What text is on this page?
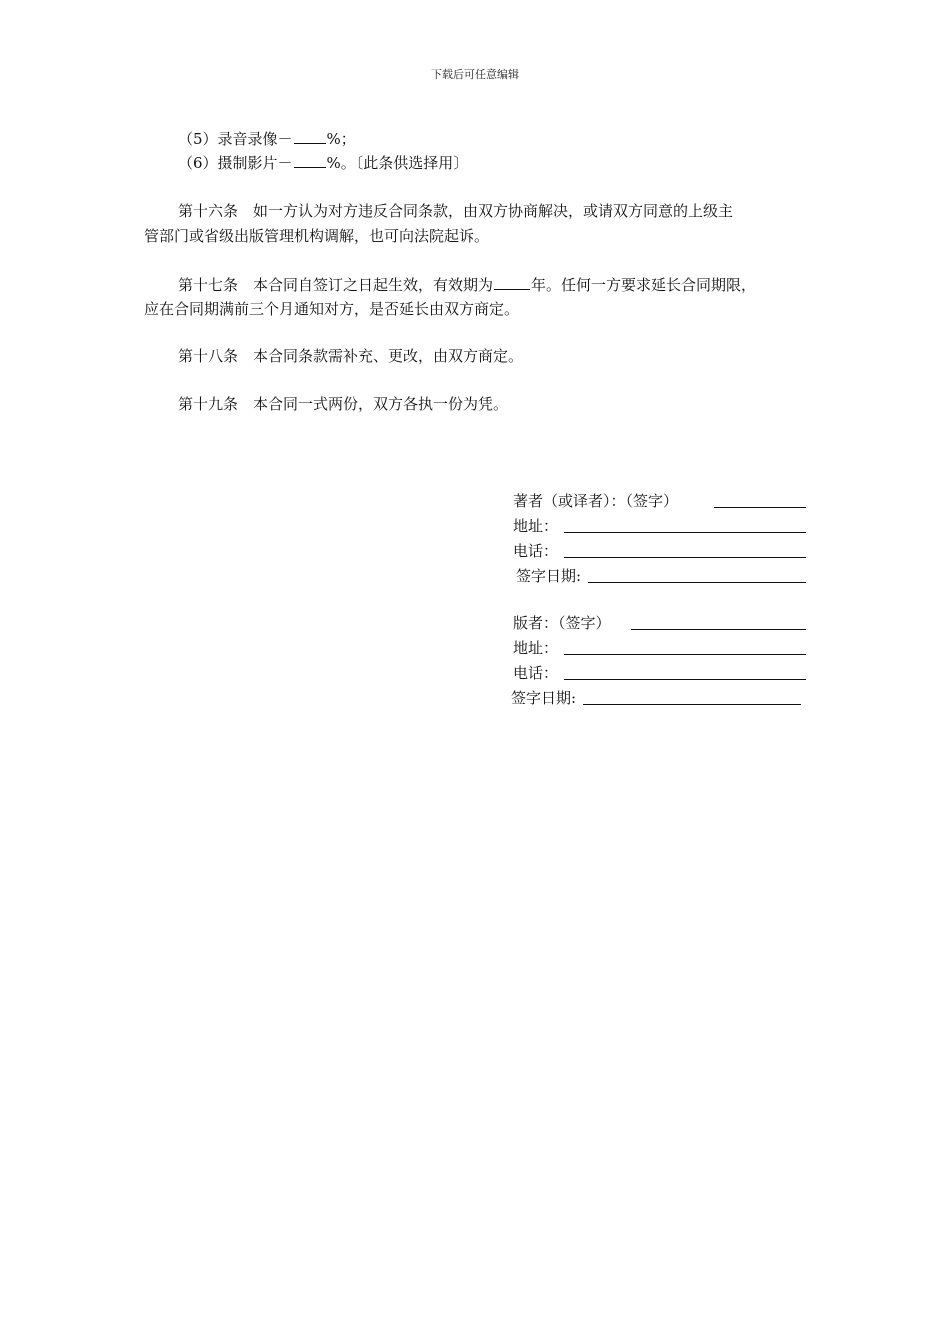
下载后可任意编辑
（5）录音录像－ %；
（6）摄制影片－ %。〔此条供选择用〕
第十六条　如一方认为对方违反合同条款，由双方协商解决，或请双方同意的上级主
管部门或省级出版管理机构调解，也可向法院起诉。
第十七条　本合同自签订之日起生效，有效期为	年。任何一方要求延长合同期限，
应在合同期满前三个月通知对方，是否延长由双方商定。
第十八条　本合同条款需补充、更改，由双方商定。
第十九条　本合同一式两份，双方各执一份为凭。
著者（或译者）：（签字）
地址：
电话：
签字日期:
版者：（签字）
地址：
电话：
签字日期:
